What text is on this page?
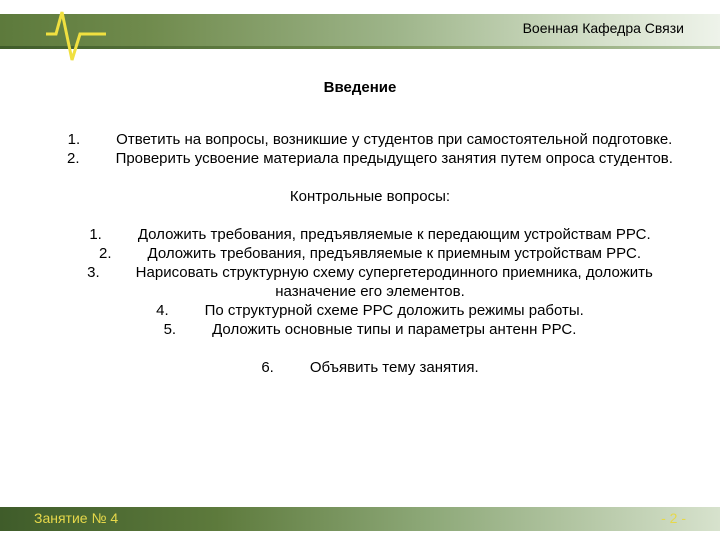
Военная Кафедра Связи
Введение
1. Ответить на вопросы, возникшие у студентов при самостоятельной подготовке.
2. Проверить усвоение материала предыдущего занятия путем опроса студентов.
Контрольные вопросы:
1. Доложить требования, предъявляемые к передающим устройствам РРС.
2. Доложить требования, предъявляемые к приемным устройствам РРС.
3. Нарисовать структурную схему супергетеродинного приемника, доложить назначение его элементов.
4. По структурной схеме РРС доложить режимы работы.
5. Доложить основные типы и параметры антенн РРС.
6. Объявить тему занятия.
Занятие № 4	- 2 -
